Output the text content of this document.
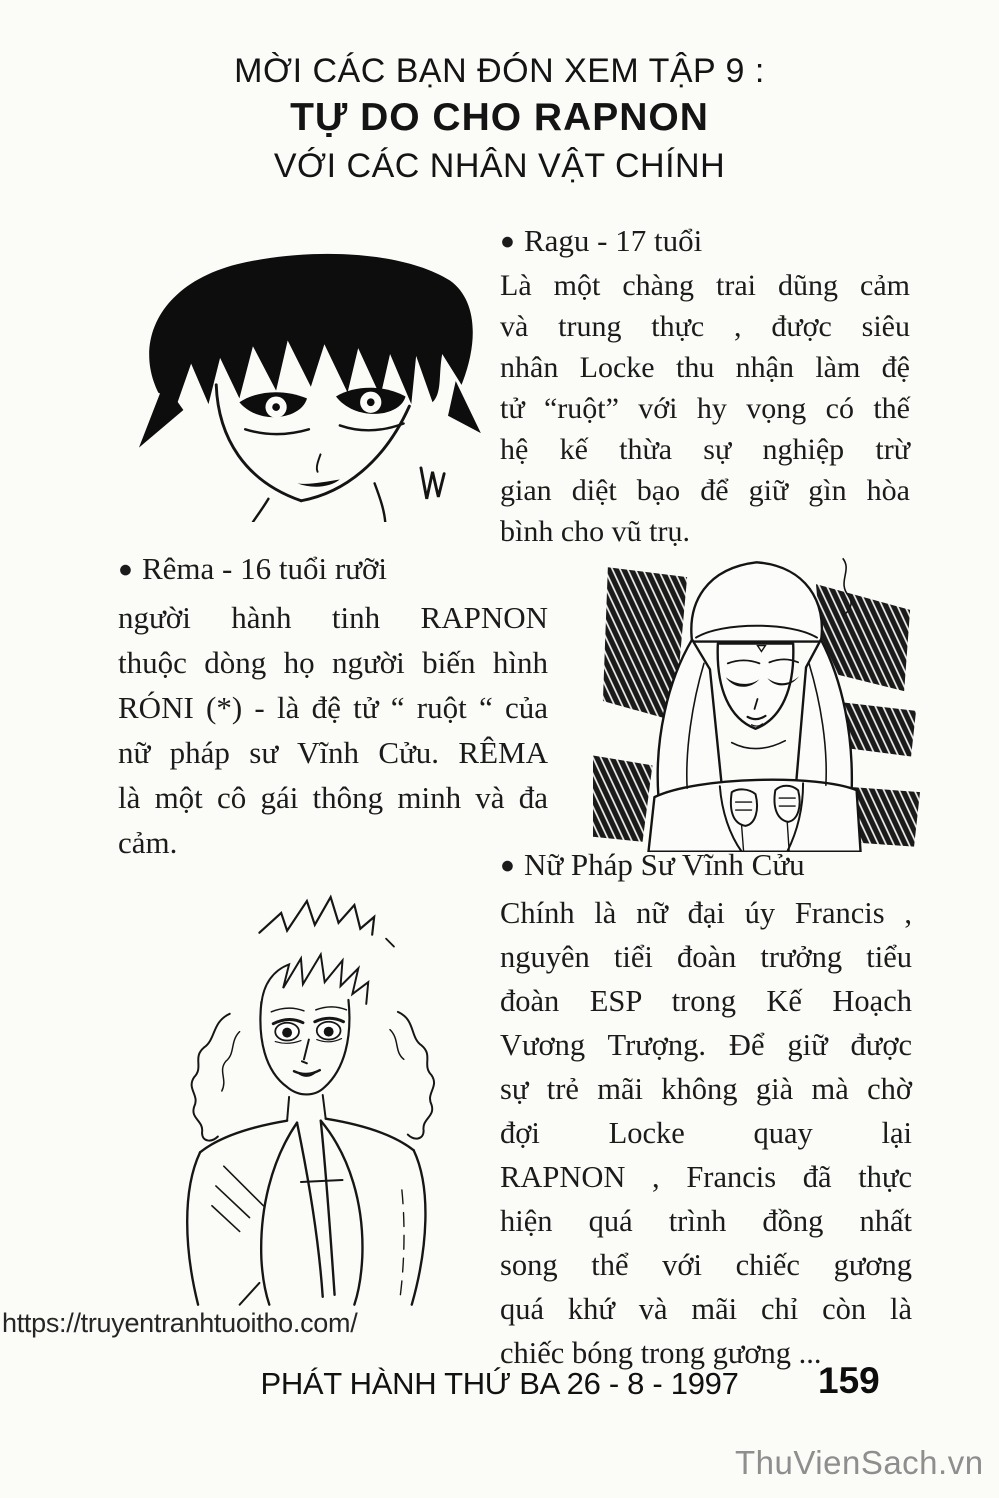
MỜI CÁC BẠN ĐÓN XEM TẬP 9 :
TỰ DO CHO RAPNON
VỚI CÁC NHÂN VẬT CHÍNH
● Ragu - 17 tuổi
Là một chàng trai dũng cảm
và trung thực , được siêu
nhân Locke thu nhận làm đệ
tử “ruột” với hy vọng có thế
hệ kế thừa sự nghiệp trừ
gian diệt bạo để giữ gìn hòa
bình cho vũ trụ.
● Rêma - 16 tuổi rưỡi
người hành tinh RAPNON
thuộc dòng họ người biến hình
RÓNI (*) - là đệ tử “ ruột “ của
nữ pháp sư Vĩnh Cửu. RÊMA
là một cô gái thông minh và đa
cảm.
● Nữ Pháp Sư Vĩnh Cửu
Chính là nữ đại úy Francis ,
nguyên tiểi đoàn trưởng tiểu
đoàn ESP trong Kế Hoạch
Vương Trượng. Để giữ được
sự trẻ mãi không già mà chờ
đợi Locke quay lại
RAPNON , Francis đã thực
hiện quá trình đồng nhất
song thể với chiếc gương
quá khứ và mãi chỉ còn là
chiếc bóng trong gương ...
https://truyentranhtuoitho.com/
PHÁT HÀNH THỨ BA 26 - 8 - 1997	159
ThuVienSach.vn
